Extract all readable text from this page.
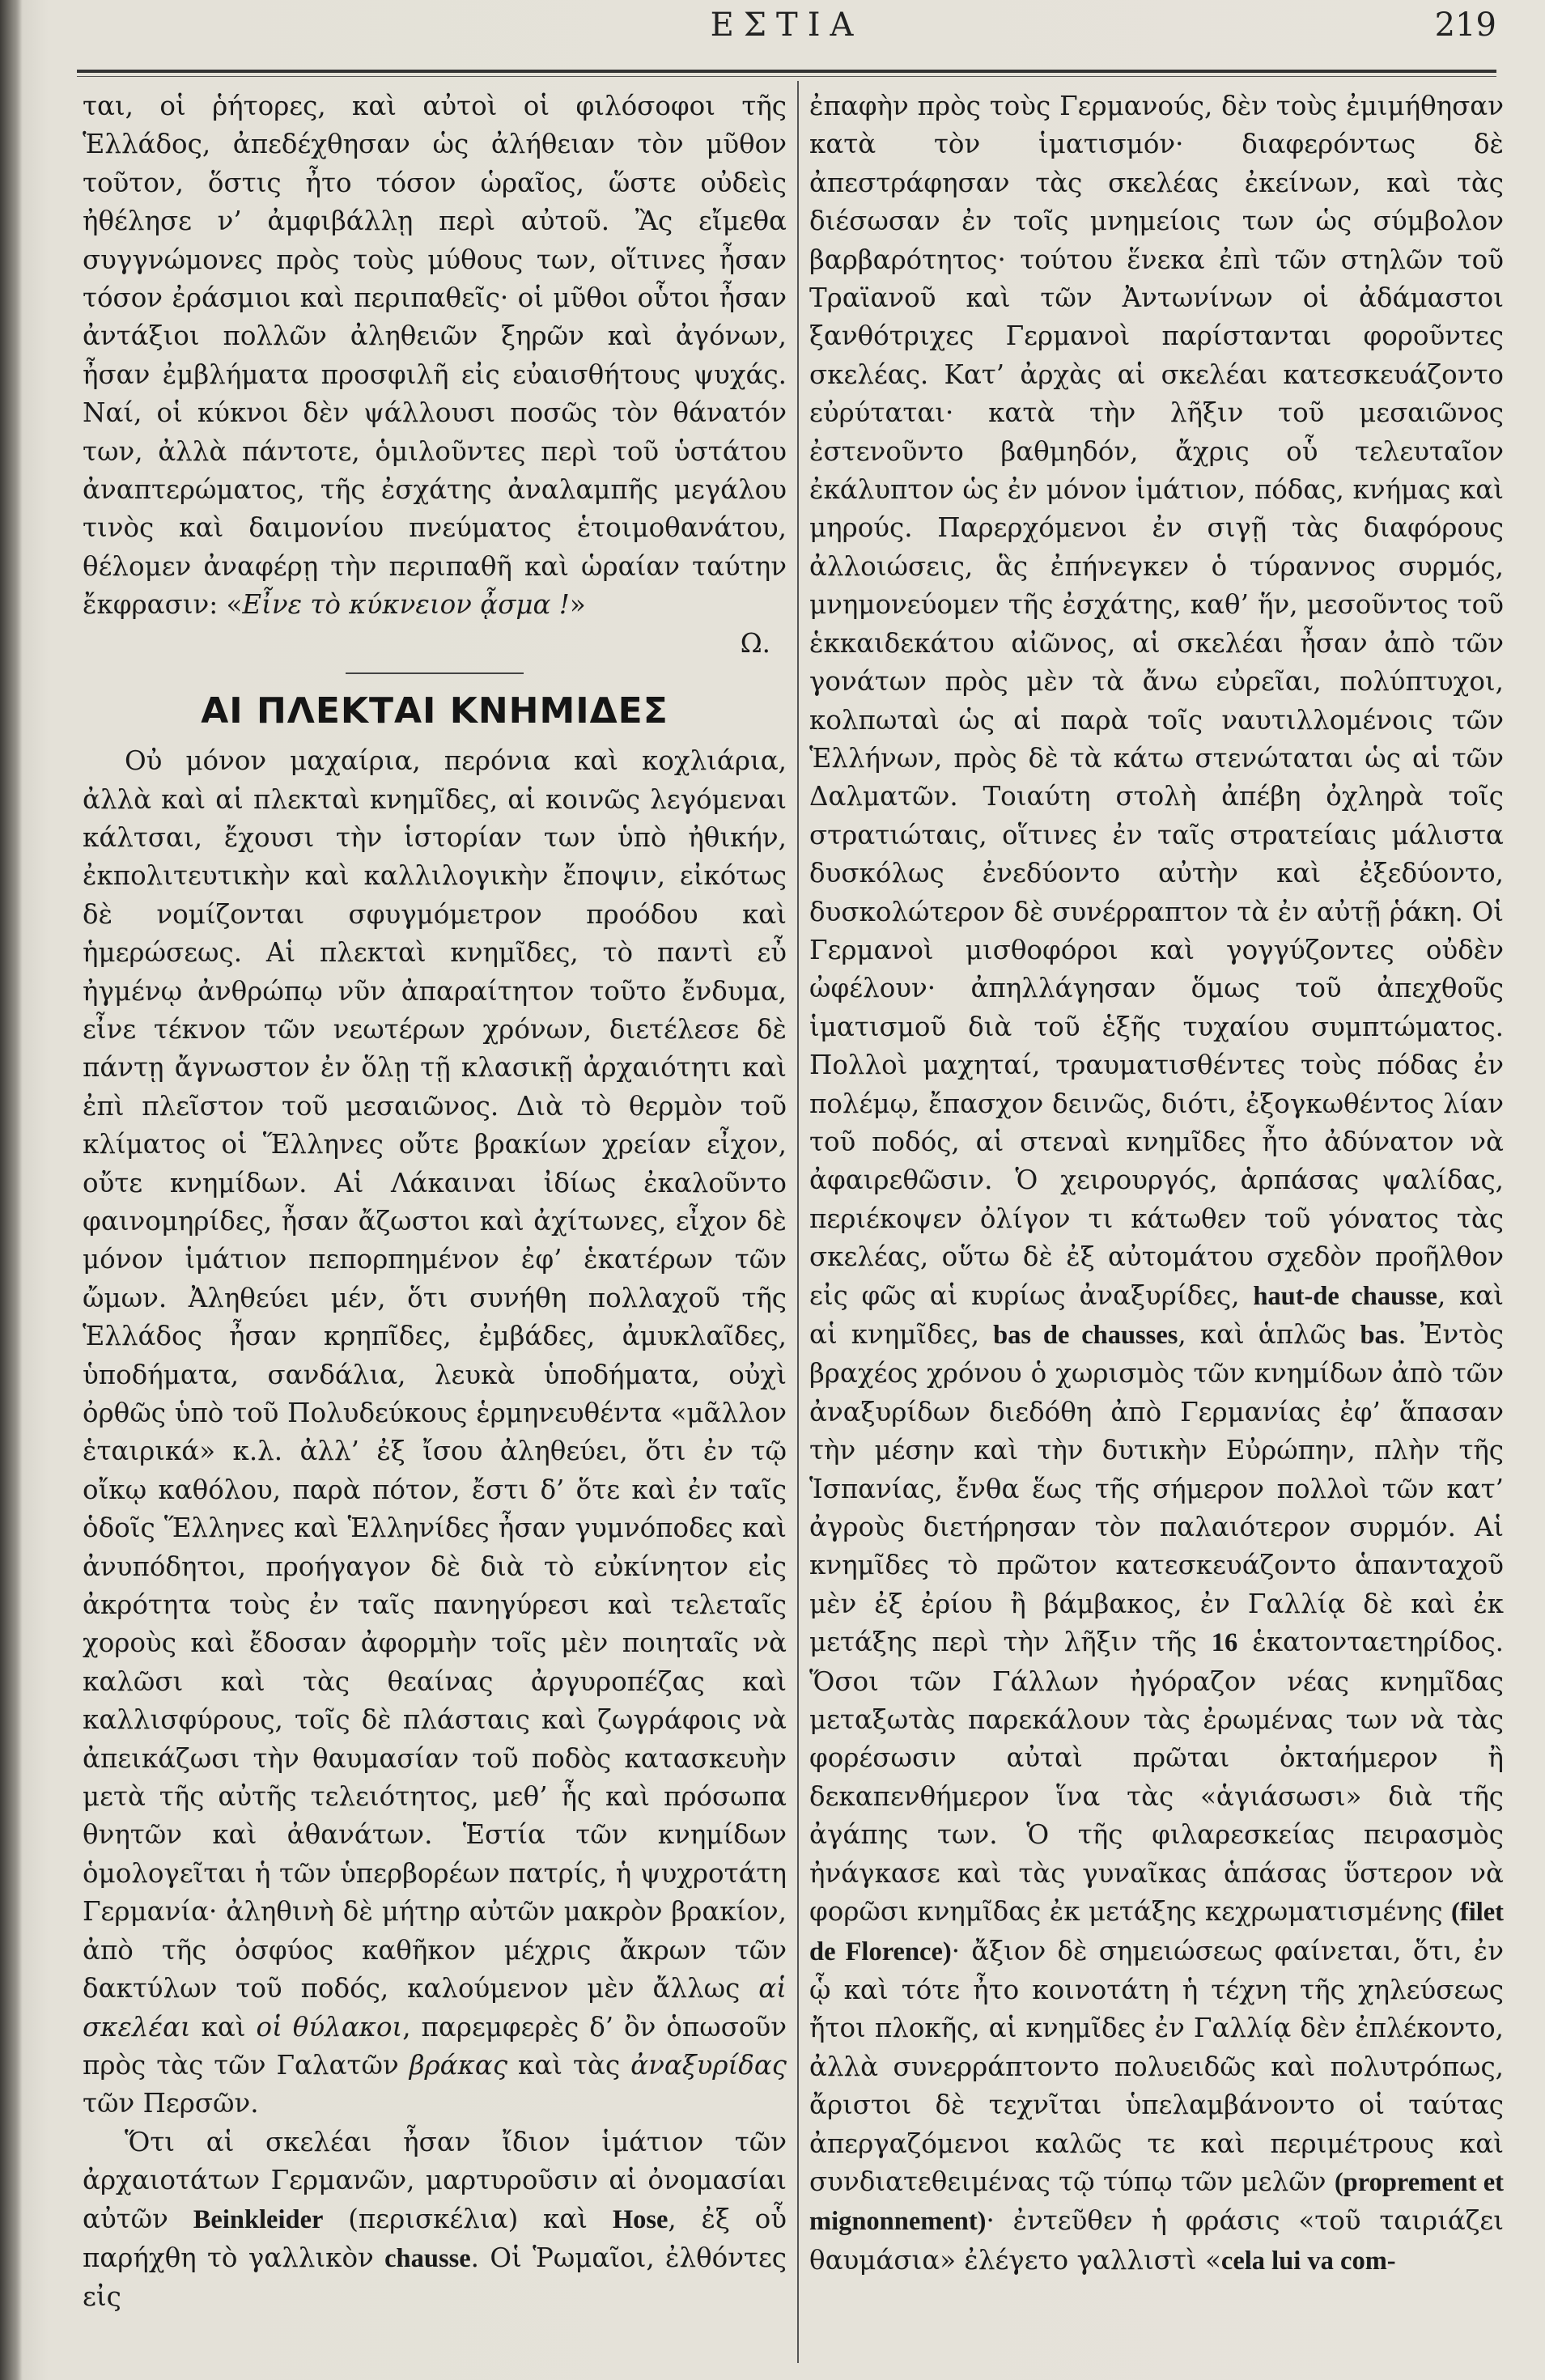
ΕΣΤΙΑ	219

ται, οἱ ῥήτορες, καὶ αὐτοὶ οἱ φιλόσοφοι τῆς Ἑλλάδος, ἀπεδέχθησαν ὡς ἀλήθειαν τὸν μῦθον τοῦτον, ὅστις ἦτο τόσον ὡραῖος, ὥστε οὐδεὶς ἠθέλησε ν’ ἀμφιβάλλῃ περὶ αὐτοῦ. Ἂς εἴμεθα συγγνώμονες πρὸς τοὺς μύθους των, οἵτινες ἦσαν τόσον ἐράσμιοι καὶ περιπαθεῖς· οἱ μῦθοι οὗτοι ἦσαν ἀντάξιοι πολλῶν ἀληθειῶν ξηρῶν καὶ ἀγόνων, ἦσαν ἐμβλήματα προσφιλῆ εἰς εὐαισθήτους ψυχάς. Ναί, οἱ κύκνοι δὲν ψάλλουσι ποσῶς τὸν θάνατόν των, ἀλλὰ πάντοτε, ὁμιλοῦντες περὶ τοῦ ὑστάτου ἀναπτερώματος, τῆς ἐσχάτης ἀναλαμπῆς μεγάλου τινὸς καὶ δαιμονίου πνεύματος ἑτοιμοθανάτου, θέλομεν ἀναφέρῃ τὴν περιπαθῆ καὶ ὡραίαν ταύτην ἔκφρασιν: «Εἶνε τὸ κύκνειον ᾆσμα !»

Ω.

ΑΙ ΠΛΕΚΤΑΙ ΚΝΗΜΙΔΕΣ

Οὐ μόνον μαχαίρια, περόνια καὶ κοχλιάρια, ἀλλὰ καὶ αἱ πλεκταὶ κνημῖδες, αἱ κοινῶς λεγόμεναι κάλτσαι, ἔχουσι τὴν ἱστορίαν των ὑπὸ ἠθικήν, ἐκπολιτευτικὴν καὶ καλλιλογικὴν ἔποψιν, εἰκότως δὲ νομίζονται σφυγμόμετρον προόδου καὶ ἡμερώσεως. Αἱ πλεκταὶ κνημῖδες, τὸ παντὶ εὖ ἠγμένῳ ἀνθρώπῳ νῦν ἀπαραίτητον τοῦτο ἔνδυμα, εἶνε τέκνον τῶν νεωτέρων χρόνων, διετέλεσε δὲ πάντῃ ἄγνωστον ἐν ὅλῃ τῇ κλασικῇ ἀρχαιότητι καὶ ἐπὶ πλεῖστον τοῦ μεσαιῶνος. Διὰ τὸ θερμὸν τοῦ κλίματος οἱ Ἕλληνες οὔτε βρακίων χρείαν εἶχον, οὔτε κνημίδων. Αἱ Λάκαιναι ἰδίως ἐκαλοῦντο φαινομηρίδες, ἦσαν ἄζωστοι καὶ ἀχίτωνες, εἶχον δὲ μόνον ἱμάτιον πεπορπημένον ἐφ’ ἑκατέρων τῶν ὤμων. Ἀληθεύει μέν, ὅτι συνήθη πολλαχοῦ τῆς Ἑλλάδος ἦσαν κρηπῖδες, ἐμβάδες, ἀμυκλαῖδες, ὑποδήματα, σανδάλια, λευκὰ ὑποδήματα, οὐχὶ ὀρθῶς ὑπὸ τοῦ Πολυδεύκους ἑρμηνευθέντα «μᾶλλον ἑταιρικά» κ.λ. ἀλλ’ ἐξ ἴσου ἀληθεύει, ὅτι ἐν τῷ οἴκῳ καθόλου, παρὰ πότον, ἔστι δ’ ὅτε καὶ ἐν ταῖς ὁδοῖς Ἕλληνες καὶ Ἑλληνίδες ἦσαν γυμνόποδες καὶ ἀνυπόδητοι, προήγαγον δὲ διὰ τὸ εὐκίνητον εἰς ἀκρότητα τοὺς ἐν ταῖς πανηγύρεσι καὶ τελεταῖς χοροὺς καὶ ἔδοσαν ἀφορμὴν τοῖς μὲν ποιηταῖς νὰ καλῶσι καὶ τὰς θεαίνας ἀργυροπέζας καὶ καλλισφύρους, τοῖς δὲ πλάσταις καὶ ζωγράφοις νὰ ἀπεικάζωσι τὴν θαυμασίαν τοῦ ποδὸς κατασκευὴν μετὰ τῆς αὐτῆς τελειότητος, μεθ’ ἧς καὶ πρόσωπα θνητῶν καὶ ἀθανάτων. Ἑστία τῶν κνημίδων ὁμολογεῖται ἡ τῶν ὑπερβορέων πατρίς, ἡ ψυχροτάτη Γερμανία· ἀληθινὴ δὲ μήτηρ αὐτῶν μακρὸν βρακίον, ἀπὸ τῆς ὀσφύος καθῆκον μέχρις ἄκρων τῶν δακτύλων τοῦ ποδός, καλούμενον μὲν ἄλλως αἱ σκελέαι καὶ οἱ θύλακοι, παρεμφερὲς δ’ ὂν ὁπωσοῦν πρὸς τὰς τῶν Γαλατῶν βράκας καὶ τὰς ἀναξυρίδας τῶν Περσῶν.

Ὅτι αἱ σκελέαι ἦσαν ἴδιον ἱμάτιον τῶν ἀρχαιοτάτων Γερμανῶν, μαρτυροῦσιν αἱ ὀνομασίαι αὐτῶν Beinkleider (περισκέλια) καὶ Hose, ἐξ οὗ παρήχθη τὸ γαλλικὸν chausse. Οἱ Ῥωμαῖοι, ἐλθόντες εἰς

ἐπαφὴν πρὸς τοὺς Γερμανούς, δὲν τοὺς ἐμιμήθησαν κατὰ τὸν ἱματισμόν· διαφερόντως δὲ ἀπεστράφησαν τὰς σκελέας ἐκείνων, καὶ τὰς διέσωσαν ἐν τοῖς μνημείοις των ὡς σύμβολον βαρβαρότητος· τούτου ἕνεκα ἐπὶ τῶν στηλῶν τοῦ Τραϊανοῦ καὶ τῶν Ἀντωνίνων οἱ ἀδάμαστοι ξανθότριχες Γερμανοὶ παρίστανται φοροῦντες σκελέας. Κατ’ ἀρχὰς αἱ σκελέαι κατεσκευάζοντο εὐρύταται· κατὰ τὴν λῆξιν τοῦ μεσαιῶνος ἐστενοῦντο βαθμηδόν, ἄχρις οὗ τελευταῖον ἐκάλυπτον ὡς ἐν μόνον ἱμάτιον, πόδας, κνήμας καὶ μηρούς. Παρερχόμενοι ἐν σιγῇ τὰς διαφόρους ἀλλοιώσεις, ἃς ἐπήνεγκεν ὁ τύραννος συρμός, μνημονεύομεν τῆς ἐσχάτης, καθ’ ἥν, μεσοῦντος τοῦ ἑκκαιδεκάτου αἰῶνος, αἱ σκελέαι ἦσαν ἀπὸ τῶν γονάτων πρὸς μὲν τὰ ἄνω εὐρεῖαι, πολύπτυχοι, κολπωταὶ ὡς αἱ παρὰ τοῖς ναυτιλλομένοις τῶν Ἑλλήνων, πρὸς δὲ τὰ κάτω στενώταται ὡς αἱ τῶν Δαλματῶν. Τοιαύτη στολὴ ἀπέβη ὀχληρὰ τοῖς στρατιώταις, οἵτινες ἐν ταῖς στρατείαις μάλιστα δυσκόλως ἐνεδύοντο αὐτὴν καὶ ἐξεδύοντο, δυσκολώτερον δὲ συνέρραπτον τὰ ἐν αὐτῇ ῥάκη. Οἱ Γερμανοὶ μισθοφόροι καὶ γογγύζοντες οὐδὲν ὠφέλουν· ἀπηλλάγησαν ὅμως τοῦ ἀπεχθοῦς ἱματισμοῦ διὰ τοῦ ἑξῆς τυχαίου συμπτώματος. Πολλοὶ μαχηταί, τραυματισθέντες τοὺς πόδας ἐν πολέμῳ, ἔπασχον δεινῶς, διότι, ἐξογκωθέντος λίαν τοῦ ποδός, αἱ στεναὶ κνημῖδες ἦτο ἀδύνατον νὰ ἀφαιρεθῶσιν. Ὁ χειρουργός, ἁρπάσας ψαλίδας, περιέκοψεν ὀλίγον τι κάτωθεν τοῦ γόνατος τὰς σκελέας, οὕτω δὲ ἐξ αὐτομάτου σχεδὸν προῆλθον εἰς φῶς αἱ κυρίως ἀναξυρίδες, haut-de chausse, καὶ αἱ κνημῖδες, bas de chausses, καὶ ἁπλῶς bas. Ἐντὸς βραχέος χρόνου ὁ χωρισμὸς τῶν κνημίδων ἀπὸ τῶν ἀναξυρίδων διεδόθη ἀπὸ Γερμανίας ἐφ’ ἅπασαν τὴν μέσην καὶ τὴν δυτικὴν Εὐρώπην, πλὴν τῆς Ἱσπανίας, ἔνθα ἕως τῆς σήμερον πολλοὶ τῶν κατ’ ἀγροὺς διετήρησαν τὸν παλαιότερον συρμόν. Αἱ κνημῖδες τὸ πρῶτον κατεσκευάζοντο ἁπανταχοῦ μὲν ἐξ ἐρίου ἢ βάμβακος, ἐν Γαλλίᾳ δὲ καὶ ἐκ μετάξης περὶ τὴν λῆξιν τῆς 16 ἑκατονταετηρίδος. Ὅσοι τῶν Γάλλων ἠγόραζον νέας κνημῖδας μεταξωτὰς παρεκάλουν τὰς ἐρωμένας των νὰ τὰς φορέσωσιν αὐταὶ πρῶται ὀκταήμερον ἢ δεκαπενθήμερον ἵνα τὰς «ἁγιάσωσι» διὰ τῆς ἀγάπης των. Ὁ τῆς φιλαρεσκείας πειρασμὸς ἠνάγκασε καὶ τὰς γυναῖκας ἁπάσας ὕστερον νὰ φορῶσι κνημῖδας ἐκ μετάξης κεχρωματισμένης (filet de Florence)· ἄξιον δὲ σημειώσεως φαίνεται, ὅτι, ἐν ᾧ καὶ τότε ἦτο κοινοτάτη ἡ τέχνη τῆς χηλεύσεως ἤτοι πλοκῆς, αἱ κνημῖδες ἐν Γαλλίᾳ δὲν ἐπλέκοντο, ἀλλὰ συνερράπτοντο πολυειδῶς καὶ πολυτρόπως, ἄριστοι δὲ τεχνῖται ὑπελαμβάνοντο οἱ ταύτας ἀπεργαζόμενοι καλῶς τε καὶ περιμέτρους καὶ συνδιατεθειμένας τῷ τύπῳ τῶν μελῶν (proprement et mignonnement)· ἐντεῦθεν ἡ φράσις «τοῦ ταιριάζει θαυμάσια» ἐλέγετο γαλλιστὶ «cela lui va com-
